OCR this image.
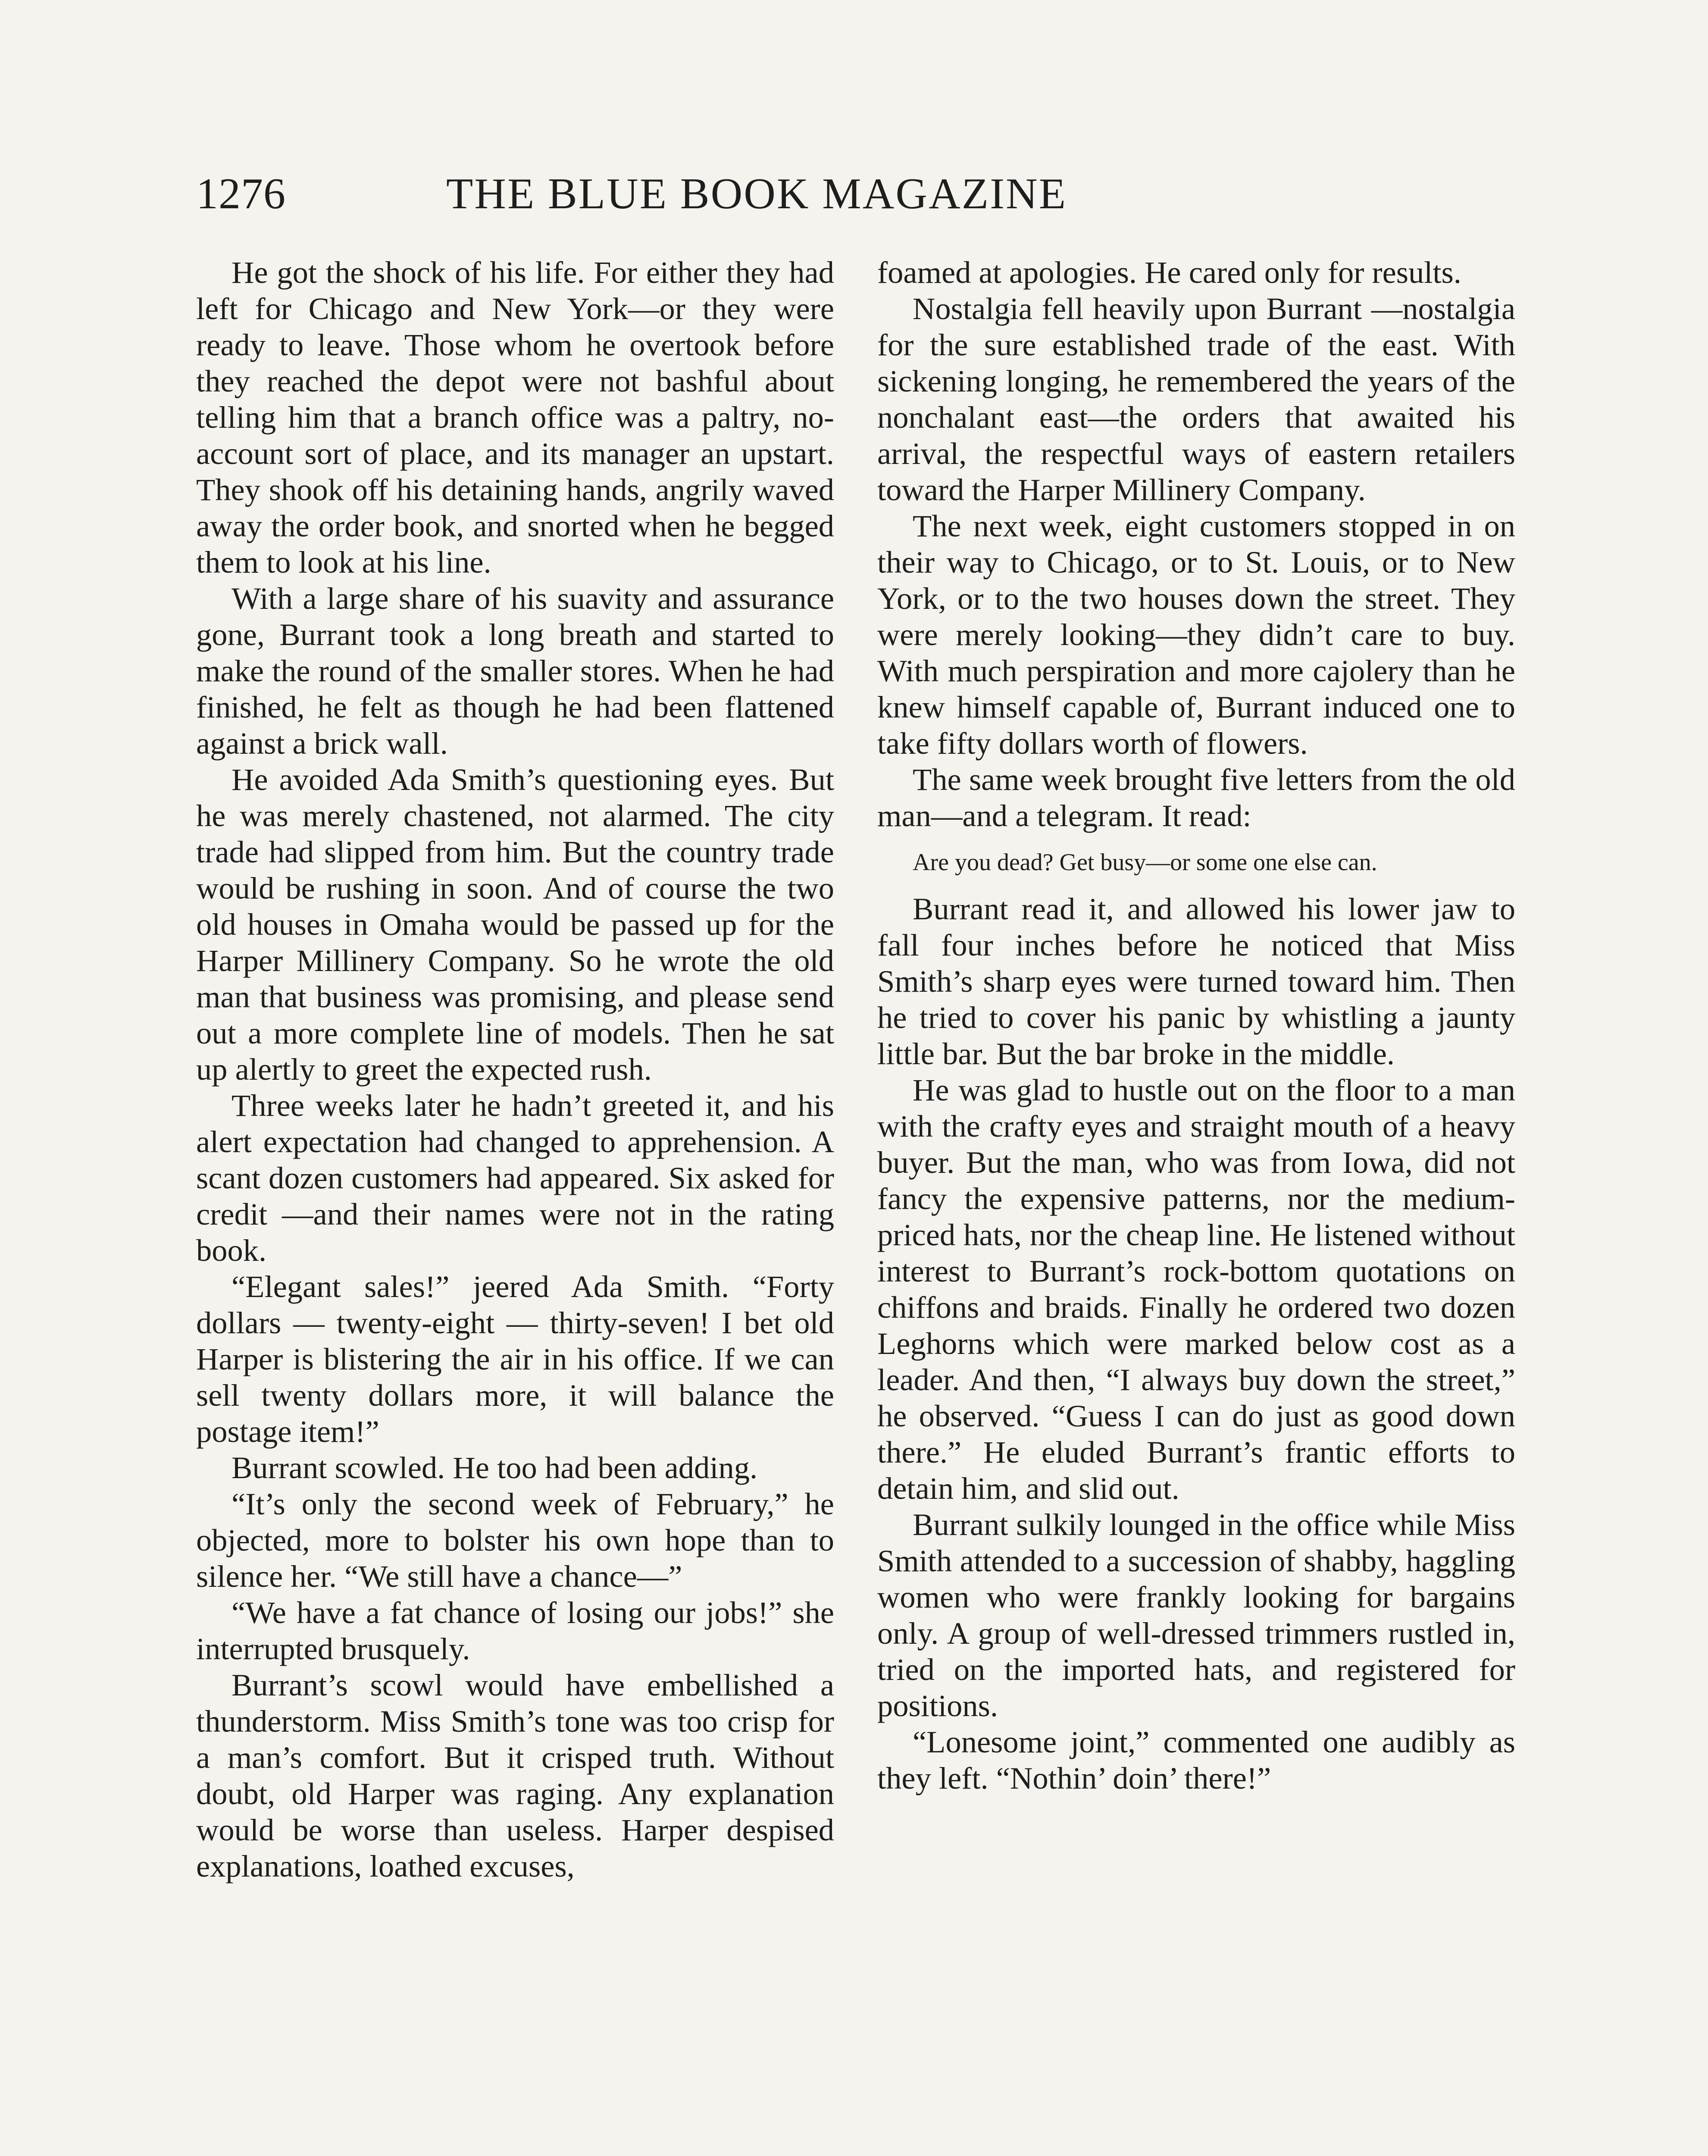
1276	THE BLUE BOOK MAGAZINE

He got the shock of his life. For either they had left for Chicago and New York—or they were ready to leave. Those whom he overtook before they reached the depot were not bashful about telling him that a branch office was a paltry, no-account sort of place, and its manager an upstart. They shook off his detaining hands, angrily waved away the order book, and snorted when he begged them to look at his line.

With a large share of his suavity and assurance gone, Burrant took a long breath and started to make the round of the smaller stores. When he had finished, he felt as though he had been flattened against a brick wall.

He avoided Ada Smith’s questioning eyes. But he was merely chastened, not alarmed. The city trade had slipped from him. But the country trade would be rushing in soon. And of course the two old houses in Omaha would be passed up for the Harper Millinery Company. So he wrote the old man that business was promising, and please send out a more complete line of models. Then he sat up alertly to greet the expected rush.

Three weeks later he hadn’t greeted it, and his alert expectation had changed to apprehension. A scant dozen customers had appeared. Six asked for credit —and their names were not in the rating book.

“Elegant sales!” jeered Ada Smith. “Forty dollars — twenty-eight — thirty-seven! I bet old Harper is blistering the air in his office. If we can sell twenty dollars more, it will balance the postage item!”

Burrant scowled. He too had been adding.

“It’s only the second week of February,” he objected, more to bolster his own hope than to silence her. “We still have a chance—”

“We have a fat chance of losing our jobs!” she interrupted brusquely.

Burrant’s scowl would have embellished a thunderstorm. Miss Smith’s tone was too crisp for a man’s comfort. But it crisped truth. Without doubt, old Harper was raging. Any explanation would be worse than useless. Harper despised explanations, loathed excuses,

foamed at apologies. He cared only for results.

Nostalgia fell heavily upon Burrant —nostalgia for the sure established trade of the east. With sickening longing, he remembered the years of the nonchalant east—the orders that awaited his arrival, the respectful ways of eastern retailers toward the Harper Millinery Company.

The next week, eight customers stopped in on their way to Chicago, or to St. Louis, or to New York, or to the two houses down the street. They were merely looking—they didn’t care to buy. With much perspiration and more cajolery than he knew himself capable of, Burrant induced one to take fifty dollars worth of flowers.

The same week brought five letters from the old man—and a telegram. It read:

Are you dead? Get busy—or some one else can.

Burrant read it, and allowed his lower jaw to fall four inches before he noticed that Miss Smith’s sharp eyes were turned toward him. Then he tried to cover his panic by whistling a jaunty little bar. But the bar broke in the middle.

He was glad to hustle out on the floor to a man with the crafty eyes and straight mouth of a heavy buyer. But the man, who was from Iowa, did not fancy the expensive patterns, nor the medium-priced hats, nor the cheap line. He listened without interest to Burrant’s rock-bottom quotations on chiffons and braids. Finally he ordered two dozen Leghorns which were marked below cost as a leader. And then, “I always buy down the street,” he observed. “Guess I can do just as good down there.” He eluded Burrant’s frantic efforts to detain him, and slid out.

Burrant sulkily lounged in the office while Miss Smith attended to a succession of shabby, haggling women who were frankly looking for bargains only. A group of well-dressed trimmers rustled in, tried on the imported hats, and registered for positions.

“Lonesome joint,” commented one audibly as they left. “Nothin’ doin’ there!”
